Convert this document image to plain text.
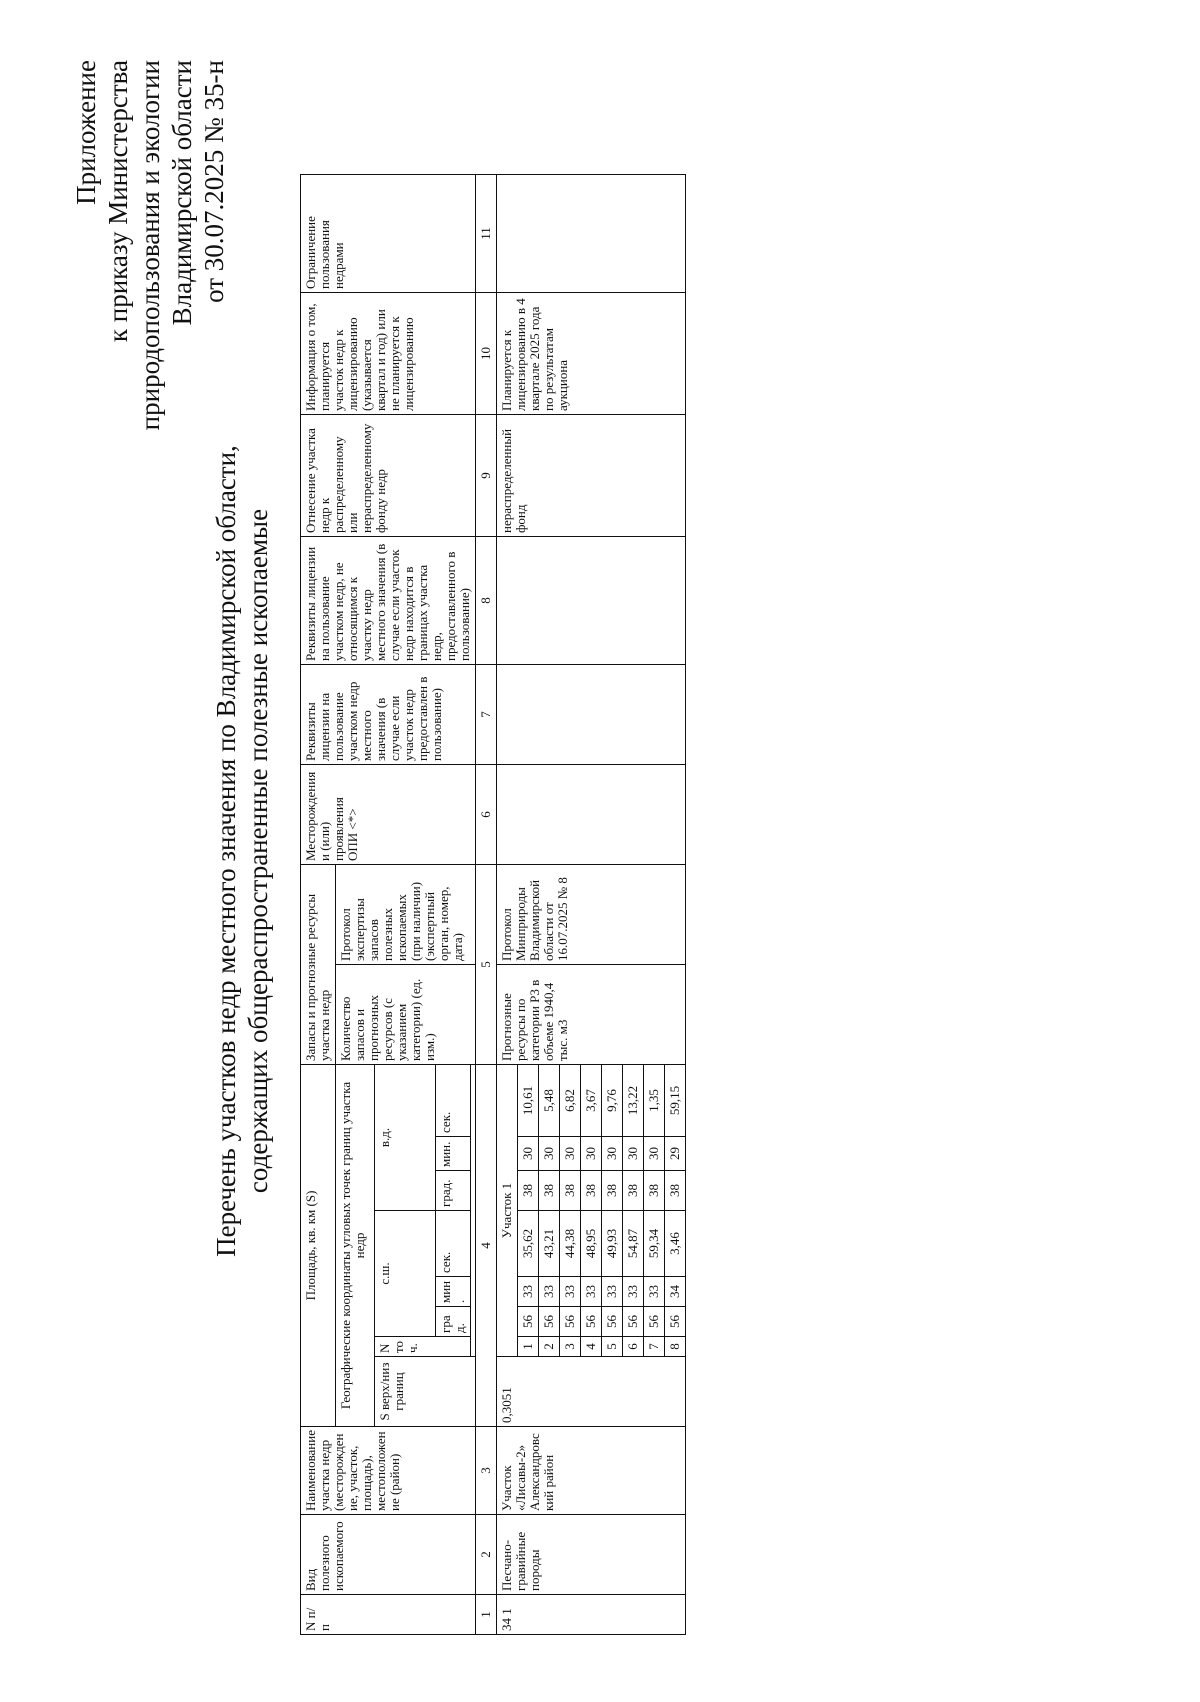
Приложение к приказу Министерства природопользования и экологии Владимирской области от 30.07.2025 № 35-н
Перечень участков недр местного значения по Владимирской области, содержащих общераспространенные полезные ископаемые
N п/ п	Вид полезного ископаемого	Наименование участка недр (месторождение, участок, площадь), местоположение (район)	Площадь, кв. км (S)								Запасы и прогнозные ресурсы участка недр		Месторождения и (или) проявления ОПИ <*>	Реквизиты лицензии на пользование участком недр местного значения (в случае если участок недр предоставлен в пользование)	Реквизиты лицензии на пользование участком недр, не относящимся к участку недр местного значения (в случае если участок недр находится в границах участка недр, предоставленного в пользование)	Отнесение участка недр к распределенному или нераспределенному фонду недр	Информация о том, планируется участок недр к лицензированию (указывается квартал и год) или не планируется к лицензированию	Ограничение пользования недрами
			Географические координаты угловых точек границ участка недр								Количество запасов и прогнозных ресурсов (с указанием категории) (ед. изм.)	Протокол экспертизы запасов полезных ископаемых (при наличии) (экспертный орган, номер, дата)						
			S верх/низ границ	N точ.	с.ш.			в.д.										
					град.	мин.	сек.	град.	мин.	сек.								

1	2	3	4								5		6	7	8	9	10	11
34 1	Песчано-гравийные породы	Участок «Лисавы-2» Александровский район	0,3051	Участок 1							Прогнозные ресурсы по категории Р3 в объеме 1940,4 тыс. м3	Протокол Минприроды Владимирской области от 16.07.2025 № 8				нераспределенный фонд	Планируется к лицензированию в 4 квартале 2025 года по результатам аукциона	
				1	56	33	35,62	38	30	10,61								
				2	56	33	43,21	38	30	5,48								
				3	56	33	44,38	38	30	6,82								
				4	56	33	48,95	38	30	3,67								
				5	56	33	49,93	38	30	9,76								
				6	56	33	54,87	38	30	13,22								
				7	56	33	59,34	38	30	1,35								
				8	56	34	3,46	38	29	59,15								
